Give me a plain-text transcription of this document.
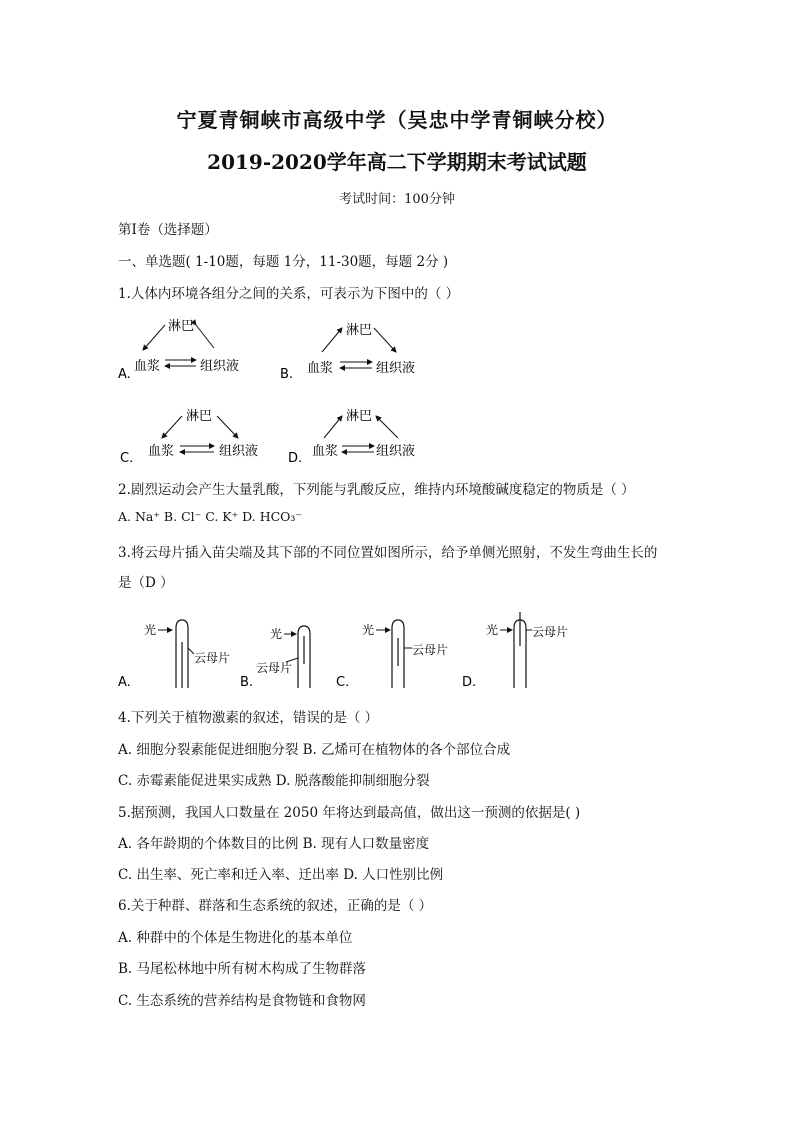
宁夏青铜峡市高级中学（吴忠中学青铜峡分校）
2019-2020学年高二下学期期末考试试题
考试时间：100分钟
第I卷（选择题）
一、单选题( 1-10题，每题 1分，11-30题，每题 2分 )
1.人体内环境各组分之间的关系，可表示为下图中的（ ）
A.
淋巴
血浆	组织液
B.
淋巴
血浆	组织液
C.
淋巴
血浆	组织液 D.
淋巴
血浆	组织液
2.剧烈运动会产生大量乳酸，下列能与乳酸反应，维持内环境酸碱度稳定的物质是（ ）
A. Na⁺ B. Cl⁻ C. K⁺ D. HCO₃⁻
3.将云母片插入苗尖端及其下部的不同位置如图所示，给予单侧光照射，不发生弯曲生长的
是（D ）
A.
光
云母片
B.
光
云母片
C.
光
云母片
D.
光	云母片
4.下列关于植物激素的叙述，错误的是（ ）
A. 细胞分裂素能促进细胞分裂 B. 乙烯可在植物体的各个部位合成
C. 赤霉素能促进果实成熟 D. 脱落酸能抑制细胞分裂
5.据预测，我国人口数量在 2050 年将达到最高值，做出这一预测的依据是( )
A. 各年龄期的个体数目的比例 B. 现有人口数量密度
C. 出生率、死亡率和迁入率、迁出率 D. 人口性别比例
6.关于种群、群落和生态系统的叙述，正确的是（ ）
A. 种群中的个体是生物进化的基本单位
B. 马尾松林地中所有树木构成了生物群落
C. 生态系统的营养结构是食物链和食物网
